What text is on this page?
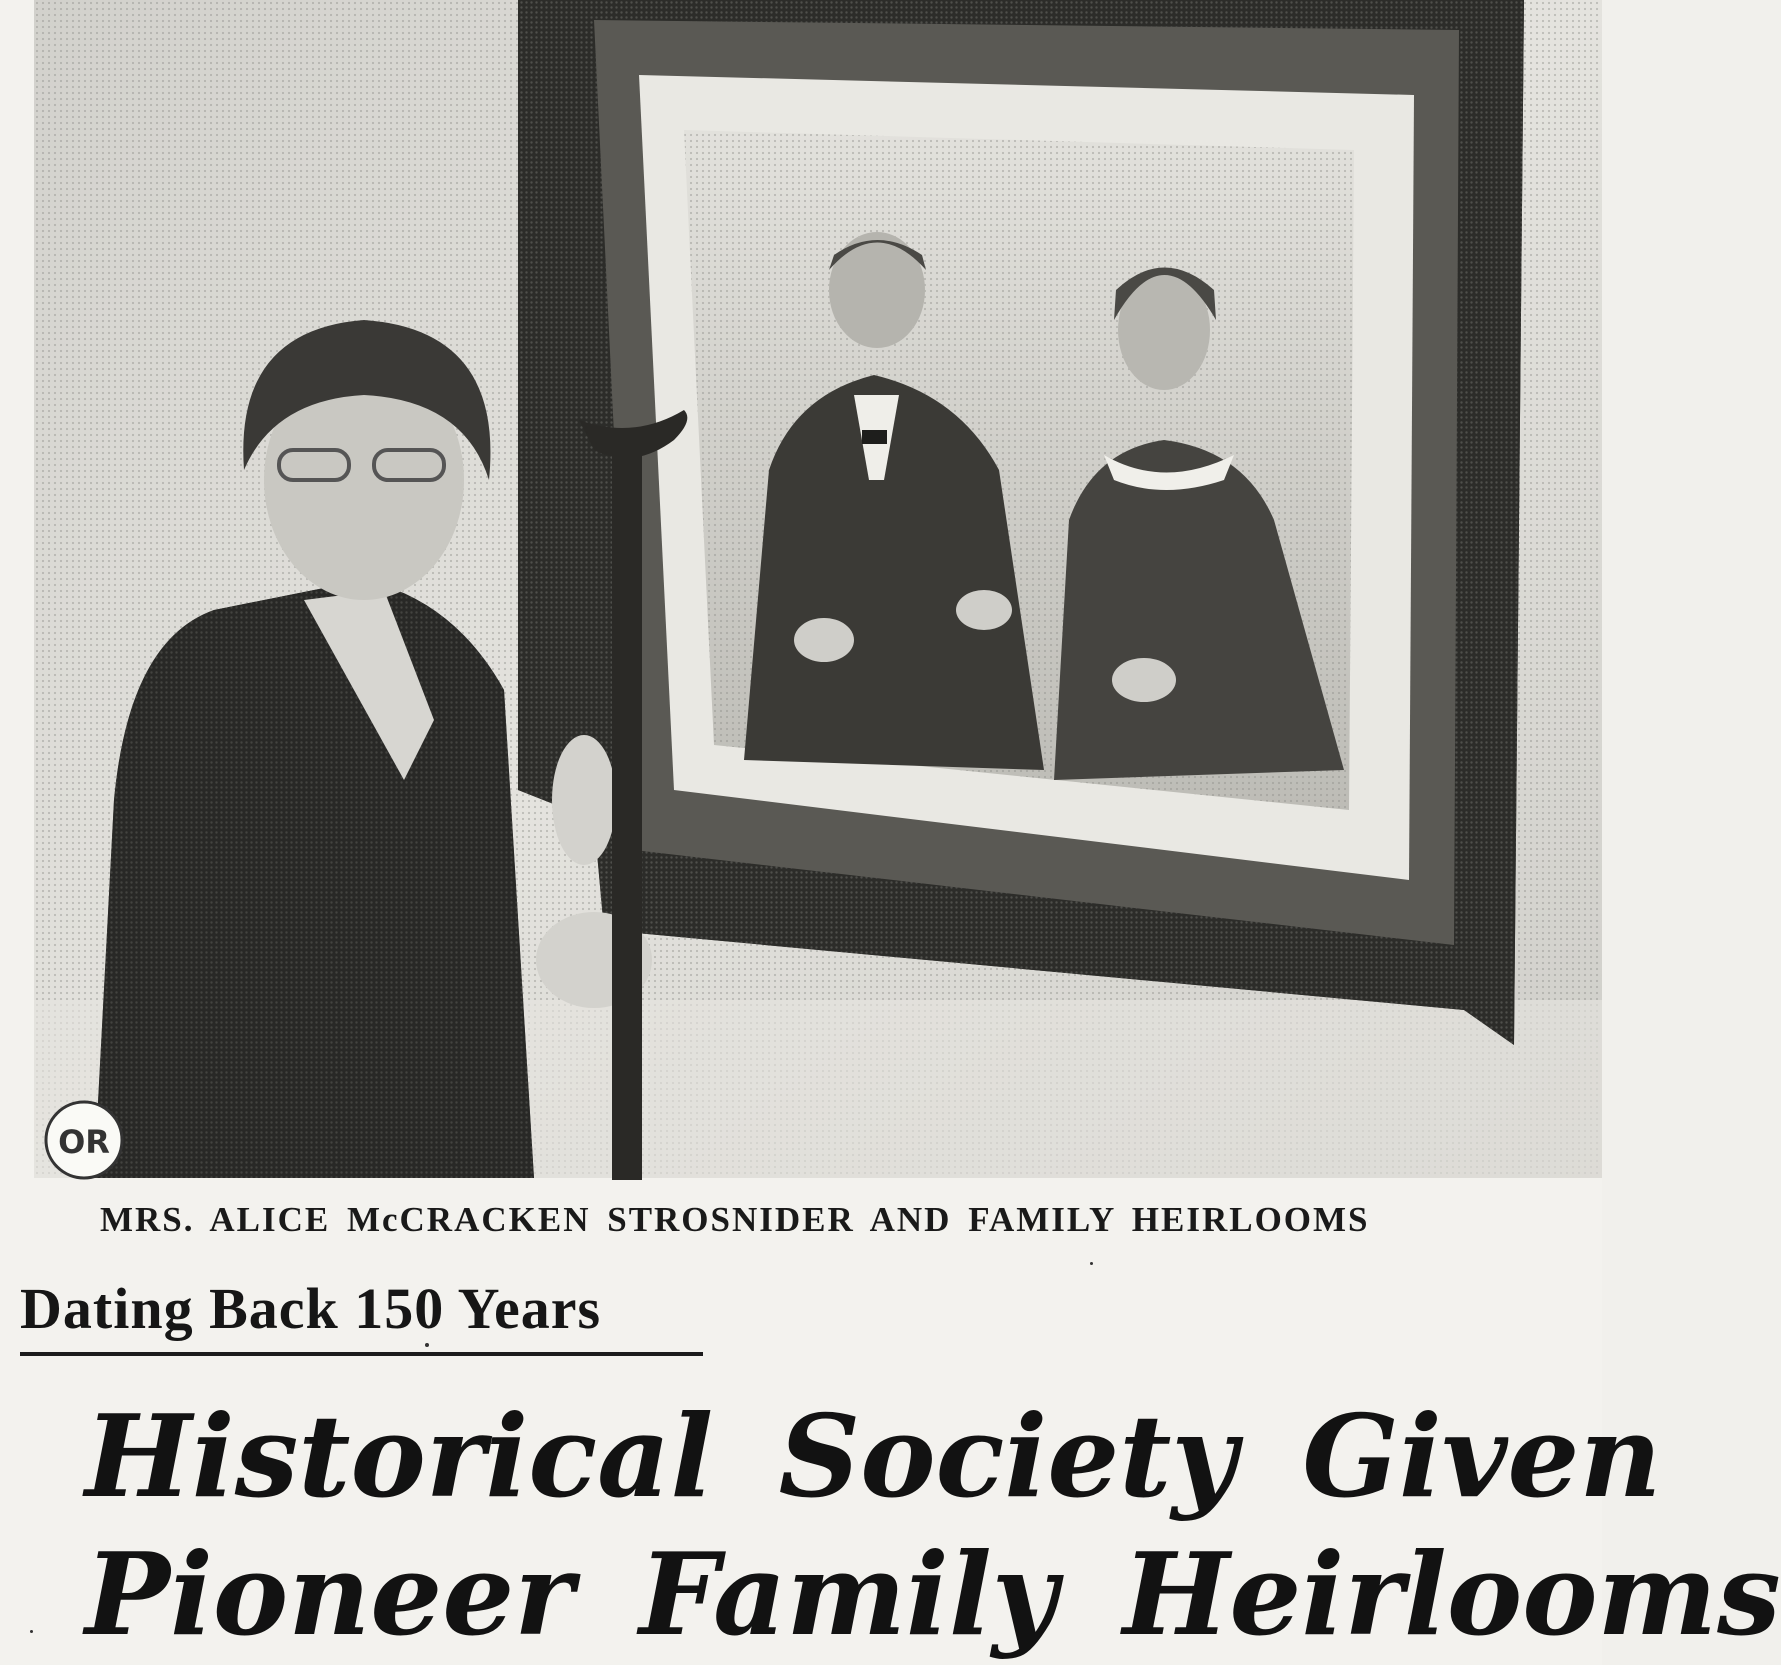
OR
MRS. ALICE McCRACKEN STROSNIDER AND FAMILY HEIRLOOMS
Dating Back 150 Years
Historical Society Given
Pioneer Family Heirlooms
